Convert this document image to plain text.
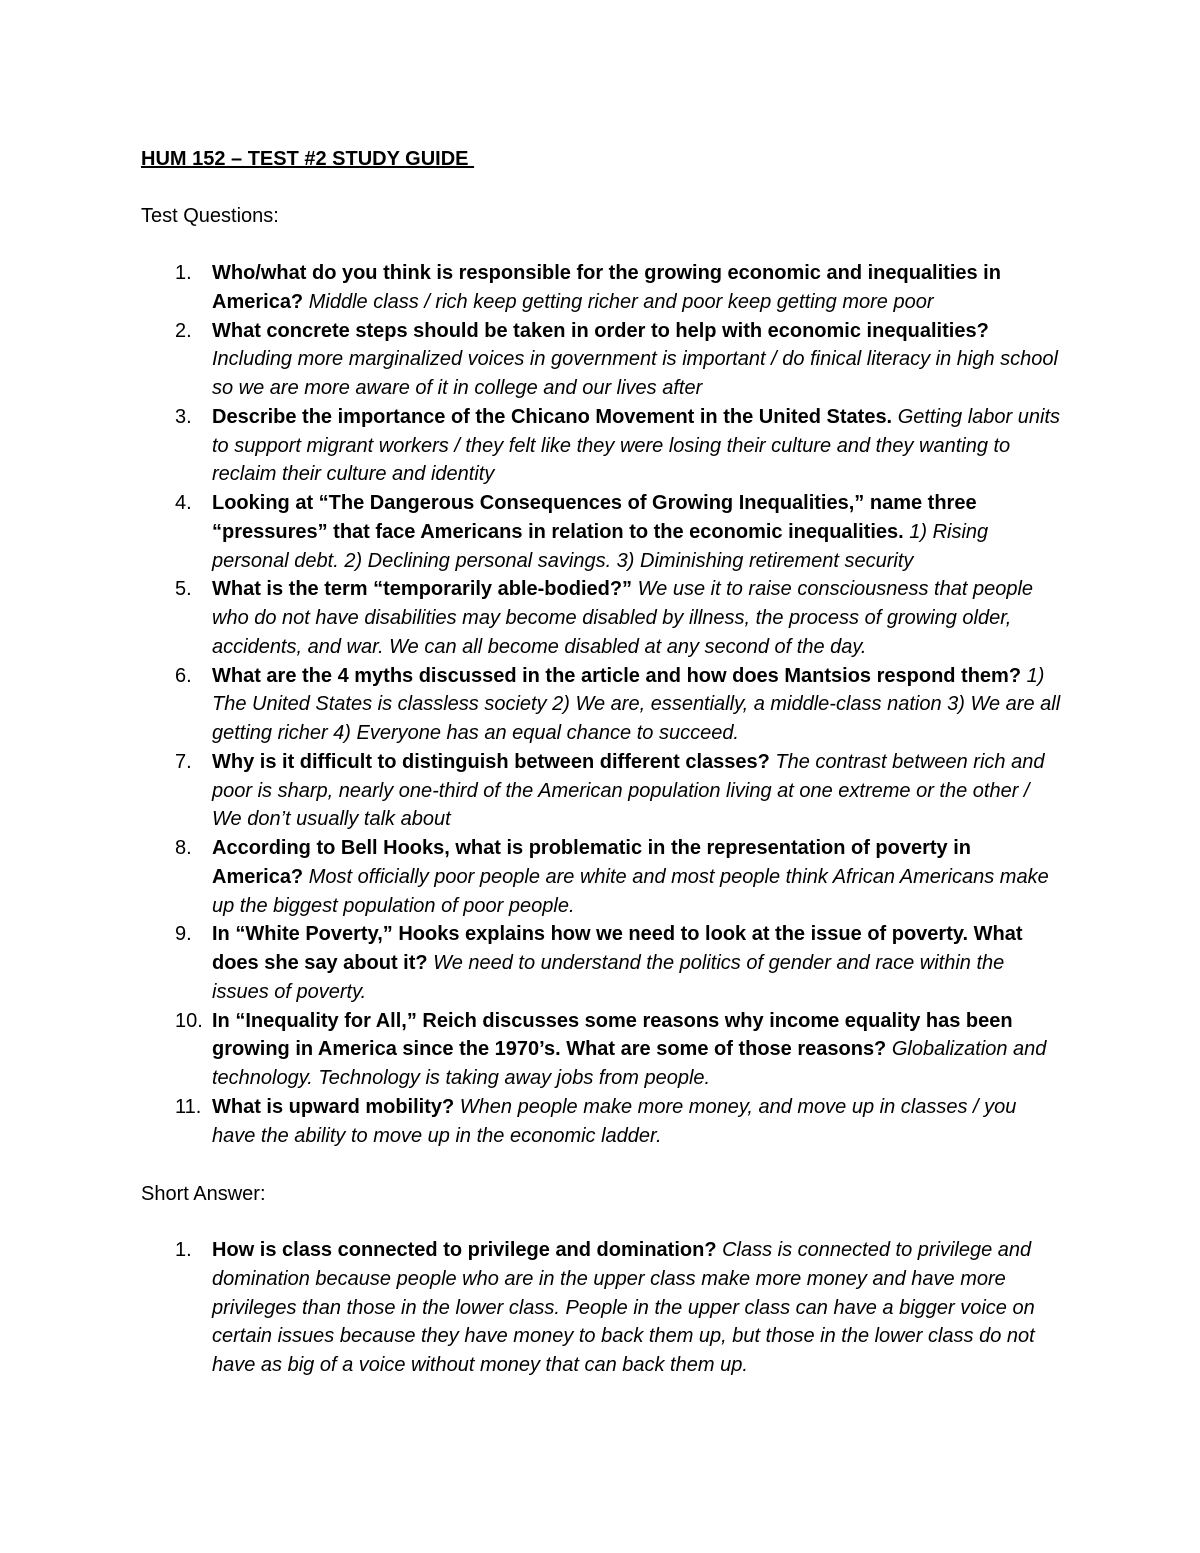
HUM 152 – TEST #2 STUDY GUIDE
Test Questions:
1. Who/what do you think is responsible for the growing economic and inequalities in America? Middle class / rich keep getting richer and poor keep getting more poor
2. What concrete steps should be taken in order to help with economic inequalities? Including more marginalized voices in government is important / do finical literacy in high school so we are more aware of it in college and our lives after
3. Describe the importance of the Chicano Movement in the United States. Getting labor units to support migrant workers / they felt like they were losing their culture and they wanting to reclaim their culture and identity
4. Looking at “The Dangerous Consequences of Growing Inequalities,” name three “pressures” that face Americans in relation to the economic inequalities. 1) Rising personal debt. 2) Declining personal savings. 3) Diminishing retirement security
5. What is the term “temporarily able-bodied?” We use it to raise consciousness that people who do not have disabilities may become disabled by illness, the process of growing older, accidents, and war. We can all become disabled at any second of the day.
6. What are the 4 myths discussed in the article and how does Mantsios respond them? 1) The United States is classless society 2) We are, essentially, a middle-class nation 3) We are all getting richer 4) Everyone has an equal chance to succeed.
7. Why is it difficult to distinguish between different classes? The contrast between rich and poor is sharp, nearly one-third of the American population living at one extreme or the other / We don’t usually talk about
8. According to Bell Hooks, what is problematic in the representation of poverty in America? Most officially poor people are white and most people think African Americans make up the biggest population of poor people.
9. In “White Poverty,” Hooks explains how we need to look at the issue of poverty. What does she say about it? We need to understand the politics of gender and race within the issues of poverty.
10. In “Inequality for All,” Reich discusses some reasons why income equality has been growing in America since the 1970’s. What are some of those reasons? Globalization and technology. Technology is taking away jobs from people.
11. What is upward mobility? When people make more money, and move up in classes / you have the ability to move up in the economic ladder.
Short Answer:
1. How is class connected to privilege and domination? Class is connected to privilege and domination because people who are in the upper class make more money and have more privileges than those in the lower class. People in the upper class can have a bigger voice on certain issues because they have money to back them up, but those in the lower class do not have as big of a voice without money that can back them up.
